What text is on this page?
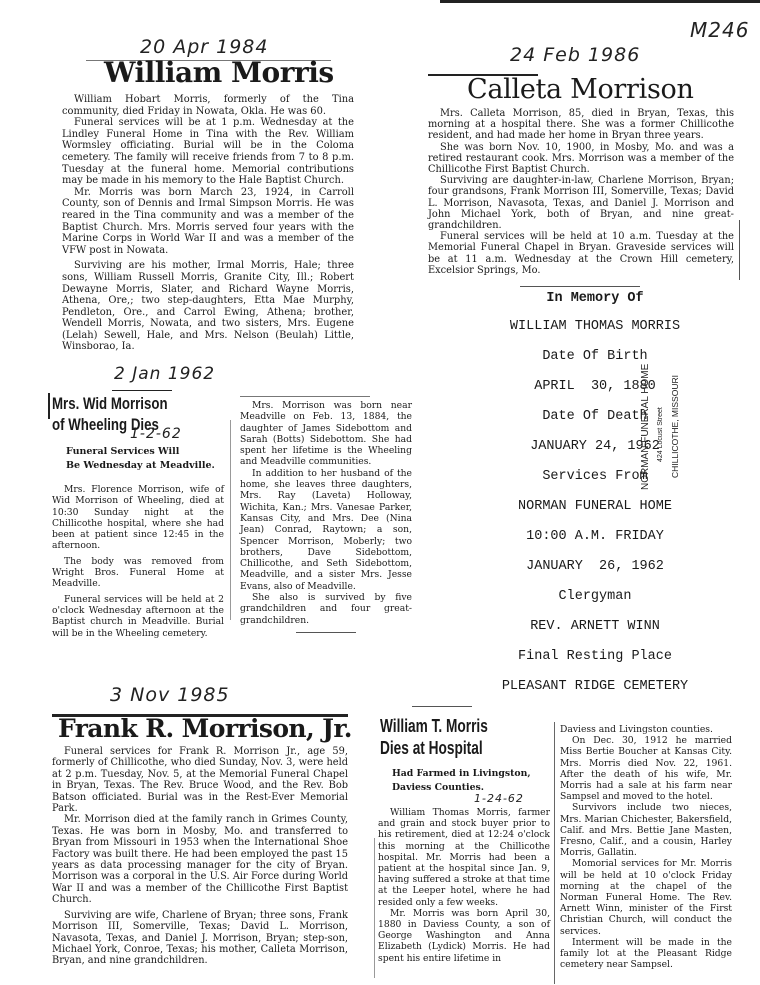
M246
20 Apr 1984
William Morris

William Hobart Morris, formerly of the Tina community, died Friday in Nowata, Okla. He was 60.

Funeral services will be at 1 p.m. Wednesday at the Lindley Funeral Home in Tina with the Rev. William Wormsley officiating. Burial will be in the Coloma cemetery. The family will receive friends from 7 to 8 p.m. Tuesday at the funeral home. Memorial contributions may be made in his memory to the Hale Baptist Church.

Mr. Morris was born March 23, 1924, in Carroll County, son of Dennis and Irmal Simpson Morris. He was reared in the Tina community and was a member of the Baptist Church. Mrs. Morris served four years with the Marine Corps in World War II and was a member of the VFW post in Nowata.

Surviving are his mother, Irmal Morris, Hale; three sons, William Russell Morris, Granite City, Ill.; Robert Dewayne Morris, Slater, and Richard Wayne Morris, Athena, Ore,; two step-daughters, Etta Mae Murphy, Pendleton, Ore., and Carrol Ewing, Athena; brother, Wendell Morris, Nowata, and two sisters, Mrs. Eugene (Lelah) Sewell, Hale, and Mrs. Nelson (Beulah) Little, Winsborao, Ia.

24 Feb 1986
Calleta Morrison

Mrs. Calleta Morrison, 85, died in Bryan, Texas, this morning at a hospital there. She was a former Chillicothe resident, and had made her home in Bryan three years.

She was born Nov. 10, 1900, in Mosby, Mo. and was a retired restaurant cook. Mrs. Morrison was a member of the Chillicothe First Baptist Church.

Surviving are daughter-in-law, Charlene Morrison, Bryan; four grandsons, Frank Morrison III, Somerville, Texas; David L. Morrison, Navasota, Texas, and Daniel J. Morrison and John Michael York, both of Bryan, and nine great-grandchildren.

Funeral services will be held at 10 a.m. Tuesday at the Memorial Funeral Chapel in Bryan. Graveside services will be at 11 a.m. Wednesday at the Crown Hill cemetery, Excelsior Springs, Mo.

In Memory Of
WILLIAM THOMAS MORRIS
Date Of Birth
APRIL  30, 1880
Date Of Death
JANUARY 24, 1962
Services From
NORMAN FUNERAL HOME
10:00 A.M. FRIDAY
JANUARY  26, 1962
Clergyman
REV. ARNETT WINN
Final Resting Place
PLEASANT RIDGE CEMETERY
NORMAN FUNERAL HOME 424 Locust Street CHILLICOTHE, MISSOURI
2 Jan 1962
Mrs. Wid Morrison
of Wheeling Dies
1-2-62
Funeral Services Will
Be Wednesday at Meadville.

Mrs. Florence Morrison, wife of Wid Morrison of Wheeling, died at 10:30 Sunday night at the Chillicothe hospital, where she had been at patient since 12:45 in the afternoon.

The body was removed from Wright Bros. Funeral Home at Meadville.

Funeral services will be held at 2 o'clock Wednesday afternoon at the Baptist church in Meadville. Burial will be in the Wheeling cemetery.

Mrs. Morrison was born near Meadville on Feb. 13, 1884, the daughter of James Sidebottom and Sarah (Botts) Sidebottom. She had spent her lifetime is the Wheeling and Meadville communities.

In addition to her husband of the home, she leaves three daughters, Mrs. Ray (Laveta) Holloway, Wichita, Kan.; Mrs. Vanesae Parker, Kansas City, and Mrs. Dee (Nina Jean) Conrad, Raytown; a son, Spencer Morrison, Moberly; two brothers, Dave Sidebottom, Chillicothe, and Seth Sidebottom, Meadville, and a sister Mrs. Jesse Evans, also of Meadville.

She also is survived by five grandchildren and four great-grandchildren.

3 Nov 1985
Frank R. Morrison, Jr.

Funeral services for Frank R. Morrison Jr., age 59, formerly of Chillicothe, who died Sunday, Nov. 3, were held at 2 p.m. Tuesday, Nov. 5, at the Memorial Funeral Chapel in Bryan, Texas. The Rev. Bruce Wood, and the Rev. Bob Batson officiated. Burial was in the Rest-Ever Memorial Park.

Mr. Morrison died at the family ranch in Grimes County, Texas. He was born in Mosby, Mo. and transferred to Bryan from Missouri in 1953 when the International Shoe Factory was built there. He had been employed the past 15 years as data processing manager for the city of Bryan. Morrison was a corporal in the U.S. Air Force during World War II and was a member of the Chillicothe First Baptist Church.

Surviving are wife, Charlene of Bryan; three sons, Frank Morrison III, Somerville, Texas; David L. Morrison, Navasota, Texas, and Daniel J. Morrison, Bryan; step-son, Michael York, Conroe, Texas; his mother, Calleta Morrison, Bryan, and nine grandchildren.

William T. Morris
Dies at Hospital
Had Farmed in Livingston,
Daviess Counties.
1-24-62

William Thomas Morris, farmer and grain and stock buyer prior to his retirement, died at 12:24 o'clock this morning at the Chillicothe hospital. Mr. Morris had been a patient at the hospital since Jan. 9, having suffered a stroke at that time at the Leeper hotel, where he had resided only a few weeks.

Mr. Morris was born April 30, 1880 in Daviess County, a son of George Washington and Anna Elizabeth (Lydick) Morris. He had spent his entire lifetime in

Daviess and Livingston counties.

On Dec. 30, 1912 he married Miss Bertie Boucher at Kansas City. Mrs. Morris died Nov. 22, 1961. After the death of his wife, Mr. Morris had a sale at his farm near Sampsel and moved to the hotel.

Survivors include two nieces, Mrs. Marian Chichester, Bakersfield, Calif. and Mrs. Bettie Jane Masten, Fresno, Calif., and a cousin, Harley Morris, Gallatin.

Momorial services for Mr. Morris will be held at 10 o'clock Friday morning at the chapel of the Norman Funeral Home. The Rev. Arnett Winn, minister of the First Christian Church, will conduct the services.

Interment will be made in the family lot at the Pleasant Ridge cemetery near Sampsel.
